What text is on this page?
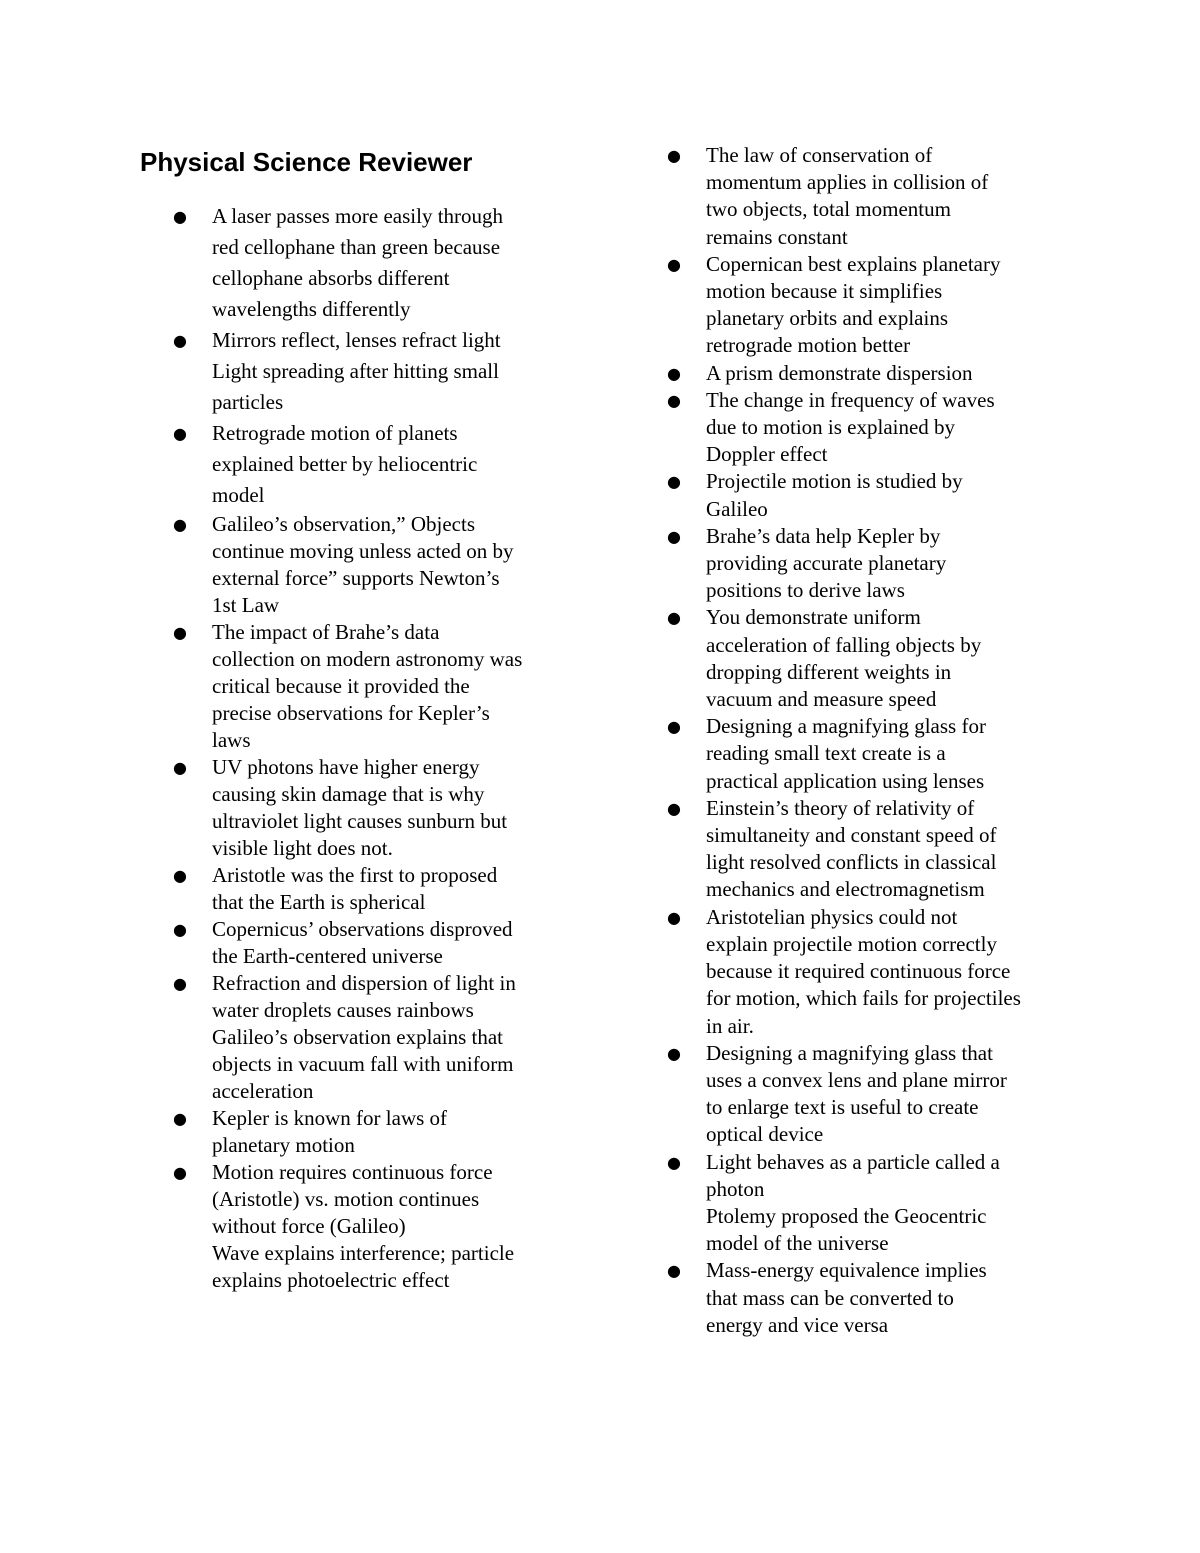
Physical Science Reviewer
● A laser passes more easily through
red cellophane than green because
cellophane absorbs different
wavelengths differently
● Mirrors reflect, lenses refract light
Light spreading after hitting small
particles
● Retrograde motion of planets
explained better by heliocentric
model
● Galileo’s observation,” Objects
continue moving unless acted on by
external force” supports Newton’s
1st Law
● The impact of Brahe’s data
collection on modern astronomy was
critical because it provided the
precise observations for Kepler’s
laws
● UV photons have higher energy
causing skin damage that is why
ultraviolet light causes sunburn but
visible light does not.
● Aristotle was the first to proposed
that the Earth is spherical
● Copernicus’ observations disproved
the Earth-centered universe
● Refraction and dispersion of light in
water droplets causes rainbows
Galileo’s observation explains that
objects in vacuum fall with uniform
acceleration
● Kepler is known for laws of
planetary motion
● Motion requires continuous force
(Aristotle) vs. motion continues
without force (Galileo)
Wave explains interference; particle
explains photoelectric effect
● The law of conservation of
momentum applies in collision of
two objects, total momentum
remains constant
● Copernican best explains planetary
motion because it simplifies
planetary orbits and explains
retrograde motion better
● A prism demonstrate dispersion
● The change in frequency of waves
due to motion is explained by
Doppler effect
● Projectile motion is studied by
Galileo
● Brahe’s data help Kepler by
providing accurate planetary
positions to derive laws
● You demonstrate uniform
acceleration of falling objects by
dropping different weights in
vacuum and measure speed
● Designing a magnifying glass for
reading small text create is a
practical application using lenses
● Einstein’s theory of relativity of
simultaneity and constant speed of
light resolved conflicts in classical
mechanics and electromagnetism
● Aristotelian physics could not
explain projectile motion correctly
because it required continuous force
for motion, which fails for projectiles
in air.
● Designing a magnifying glass that
uses a convex lens and plane mirror
to enlarge text is useful to create
optical device
● Light behaves as a particle called a
photon
Ptolemy proposed the Geocentric
model of the universe
● Mass-energy equivalence implies
that mass can be converted to
energy and vice versa
